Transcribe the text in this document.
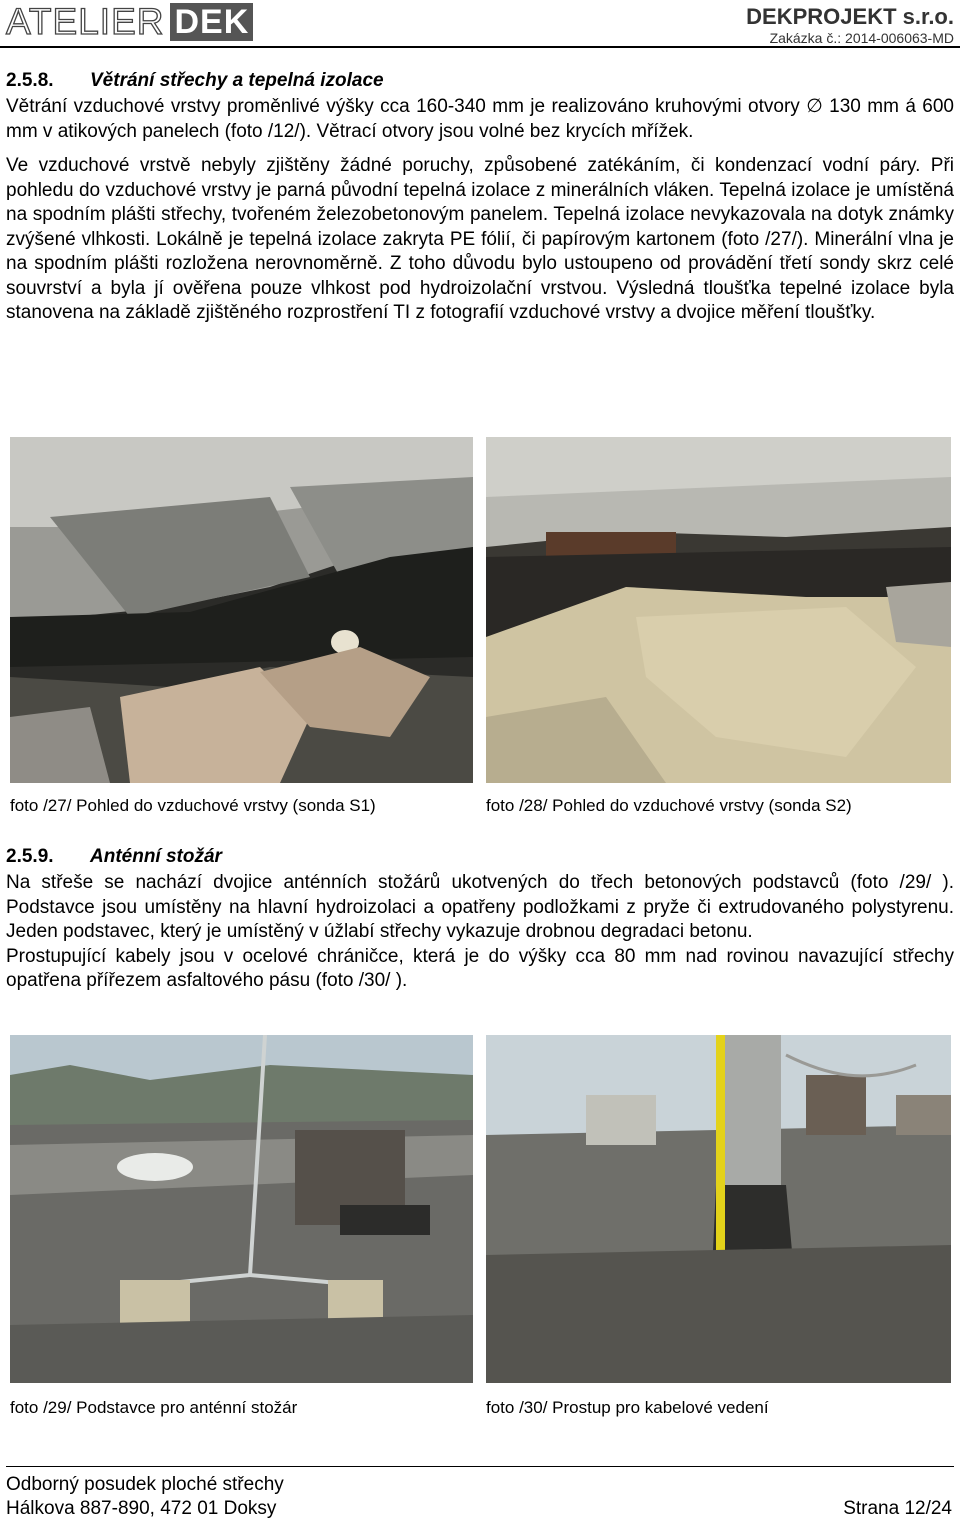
ATELIER DEK	DEKPROJEKT s.r.o.
Zakázka č.: 2014-006063-MD
2.5.8. Větrání střechy a tepelná izolace

Větrání vzduchové vrstvy proměnlivé výšky cca 160-340 mm je realizováno kruhovými otvory ∅ 130 mm á 600 mm v atikových panelech (foto /12/). Větrací otvory jsou volné bez krycích mřížek.

Ve vzduchové vrstvě nebyly zjištěny žádné poruchy, způsobené zatékáním, či kondenzací vodní páry. Při pohledu do vzduchové vrstvy je parná původní tepelná izolace z minerálních vláken. Tepelná izolace je umístěná na spodním plášti střechy, tvořeném železobetonovým panelem. Tepelná izolace nevykazovala na dotyk známky zvýšené vlhkosti. Lokálně je tepelná izolace zakryta PE fólií, či papírovým kartonem (foto /27/). Minerální vlna je na spodním plášti rozložena nerovnoměrně. Z toho důvodu bylo ustoupeno od provádění třetí sondy skrz celé souvrství a byla jí ověřena pouze vlhkost pod hydroizolační vrstvou. Výsledná tloušťka tepelné izolace byla stanovena na základě zjištěného rozprostření TI z fotografií vzduchové vrstvy a dvojice měření tloušťky.

foto /27/ Pohled do vzduchové vrstvy (sonda S1)	foto /28/ Pohled do vzduchové vrstvy (sonda S2)
2.5.9. Anténní stožár

Na střeše se nachází dvojice anténních stožárů ukotvených do třech betonových podstavců (foto /29/ ). Podstavce jsou umístěny na hlavní hydroizolaci a opatřeny podložkami z pryže či extrudovaného polystyrenu. Jeden podstavec, který je umístěný v úžlabí střechy vykazuje drobnou degradaci betonu.

Prostupující kabely jsou v ocelové chráničce, která je do výšky cca 80 mm nad rovinou navazující střechy opatřena přířezem asfaltového pásu (foto /30/ ).

foto /29/ Podstavce pro anténní stožár	foto /30/ Prostup pro kabelové vedení
Odborný posudek ploché střechy
Hálkova 887-890, 472 01 Doksy	Strana 12/24
